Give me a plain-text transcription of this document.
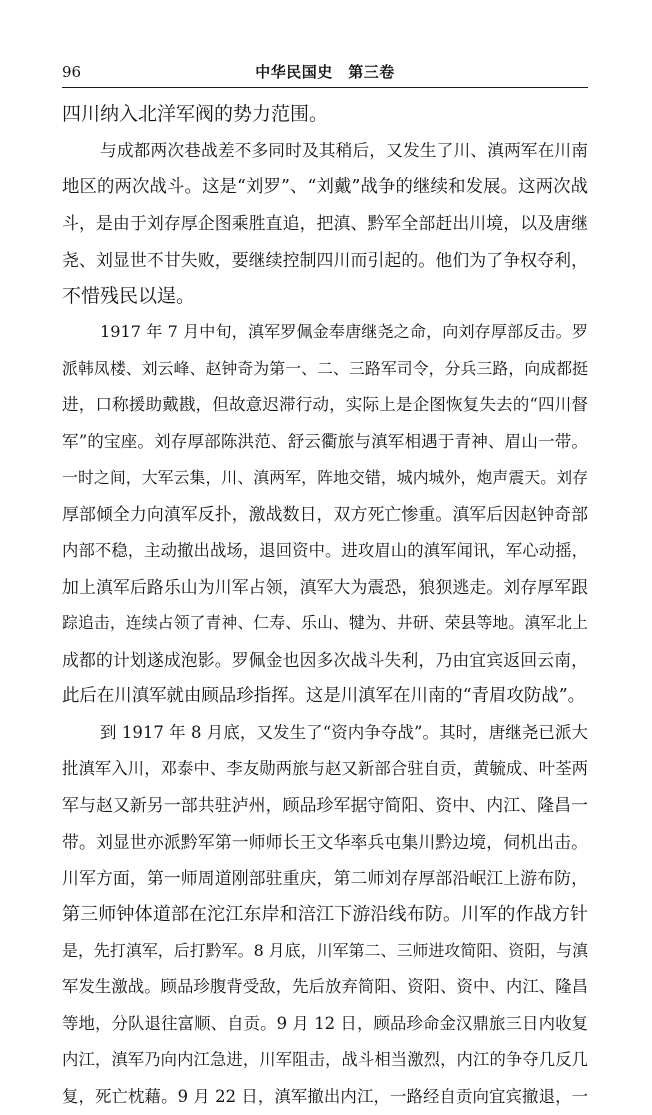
96	中华民国史　第三卷
四川纳入北洋军阀的势力范围。
与成都两次巷战差不多同时及其稍后，又发生了川、滇两军在川南
地区的两次战斗。这是“刘罗”、“刘戴”战争的继续和发展。这两次战
斗，是由于刘存厚企图乘胜直追，把滇、黔军全部赶出川境，以及唐继
尧、刘显世不甘失败，要继续控制四川而引起的。他们为了争权夺利，
不惜残民以逞。
1917 年 7 月中旬，滇军罗佩金奉唐继尧之命，向刘存厚部反击。罗
派韩凤楼、刘云峰、赵钟奇为第一、二、三路军司令，分兵三路，向成都挺
进，口称援助戴戡，但故意迟滞行动，实际上是企图恢复失去的“四川督
军”的宝座。刘存厚部陈洪范、舒云衢旅与滇军相遇于青神、眉山一带。
一时之间，大军云集，川、滇两军，阵地交错，城内城外，炮声震天。刘存
厚部倾全力向滇军反扑，激战数日，双方死亡惨重。滇军后因赵钟奇部
内部不稳，主动撤出战场，退回资中。进攻眉山的滇军闻讯，军心动摇，
加上滇军后路乐山为川军占领，滇军大为震恐，狼狈逃走。刘存厚军跟
踪追击，连续占领了青神、仁寿、乐山、犍为、井研、荣县等地。滇军北上
成都的计划遂成泡影。罗佩金也因多次战斗失利，乃由宜宾返回云南，
此后在川滇军就由顾品珍指挥。这是川滇军在川南的“青眉攻防战”。
到 1917 年 8 月底，又发生了“资内争夺战”。其时，唐继尧已派大
批滇军入川，邓泰中、李友勋两旅与赵又新部合驻自贡，黄毓成、叶荃两
军与赵又新另一部共驻泸州，顾品珍军据守简阳、资中、内江、隆昌一
带。刘显世亦派黔军第一师师长王文华率兵屯集川黔边境，伺机出击。
川军方面，第一师周道刚部驻重庆，第二师刘存厚部沿岷江上游布防，
第三师钟体道部在沱江东岸和涪江下游沿线布防。川军的作战方针
是，先打滇军，后打黔军。8 月底，川军第二、三师进攻简阳、资阳，与滇
军发生激战。顾品珍腹背受敌，先后放弃简阳、资阳、资中、内江、隆昌
等地，分队退往富顺、自贡。9 月 12 日，顾品珍命金汉鼎旅三日内收复
内江，滇军乃向内江急进，川军阻击，战斗相当激烈，内江的争夺几反几
复，死亡枕藉。9 月 22 日，滇军撤出内江，一路经自贡向宜宾撤退，一
